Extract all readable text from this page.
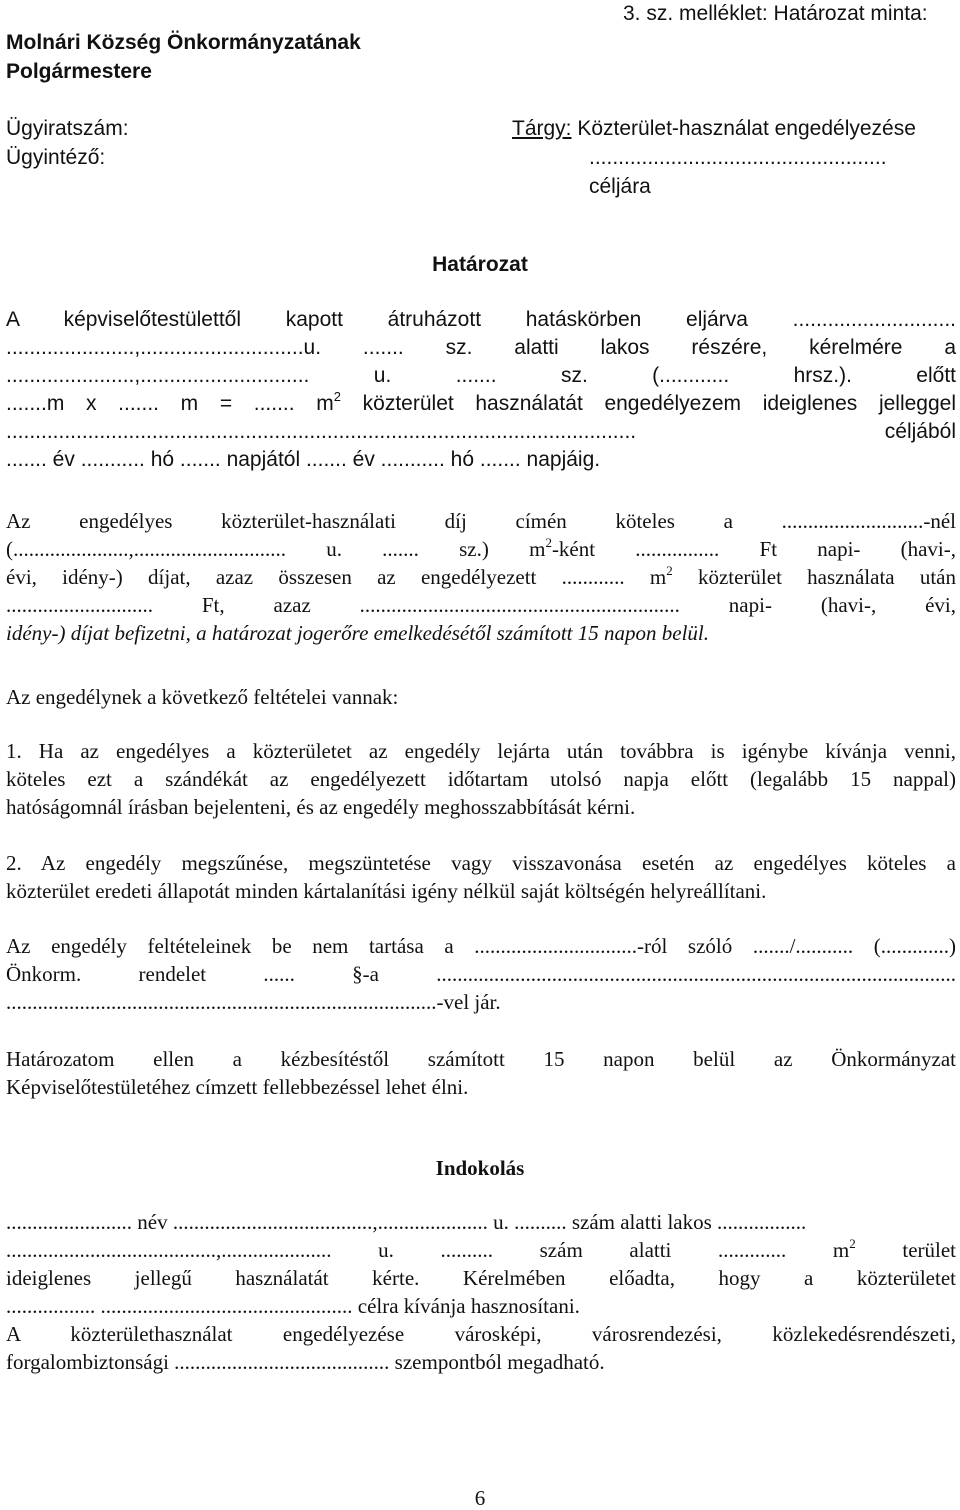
Molnári Község Önkormányzatának
Polgármestere
3. sz. melléklet: Határozat minta:
Ügyiratszám:
Ügyintéző:
Tárgy: Közterület-használat engedélyezése
...................................................
céljára
Határozat
A képviselőtestülettől kapott átruházott hatáskörben eljárva ............................
......................,............................u. ....... sz. alatti lakos részére, kérelmére a
......................,............................. u. ....... sz. (............ hrsz.). előtt
.......m x ....... m = ....... $m^2$ közterület használatát engedélyezem ideiglenes jelleggel
............................................................................................................ céljából
....... év ........... hó ....... napjától ....... év ........... hó ....... napjáig.
Az engedélyes közterület-használati díj címén köteles a ...........................-nél
(......................,............................. u. ....... sz.) $m^2$-ként ................ Ft napi- (havi-,
évi, idény-) díjat, azaz összesen az engedélyezett ............ $m^2$ közterület használata után
............................ Ft, azaz ............................................................. napi- (havi-, évi,
idény-) díjat befizetni, a határozat jogerőre emelkedésétől számított 15 napon belül.
Az engedélynek a következő feltételei vannak:
1. Ha az engedélyes a közterületet az engedély lejárta után továbbra is igénybe kívánja venni,
köteles ezt a szándékát az engedélyezett időtartam utolsó napja előtt (legalább 15 nappal)
hatóságomnál írásban bejelenteni, és az engedély meghosszabbítását kérni.
2. Az engedély megszűnése, megszüntetése vagy visszavonása esetén az engedélyes köteles a
közterület eredeti állapotát minden kártalanítási igény nélkül saját költségén helyreállítani.
Az engedély feltételeinek be nem tartása a ...............................-ról szóló ......./........... (.............)
Önkorm. rendelet ...... §-a ...................................................................................................
..................................................................................-vel jár.
Határozatom ellen a kézbesítéstől számított 15 napon belül az Önkormányzat
Képviselőtestületéhez címzett fellebbezéssel lehet élni.
Indokolás
........................ név ......................................,..................... u. .......... szám alatti lakos .................
........................................,..................... u. .......... szám alatti ............. $m^2$ terület
ideiglenes jellegű használatát kérte. Kérelmében előadta, hogy a közterületet
................. ................................................ célra kívánja hasznosítani.
A közterülethasználat engedélyezése városképi, városrendezési, közlekedésrendészeti,
forgalombiztonsági ......................................... szempontból megadható.
6
